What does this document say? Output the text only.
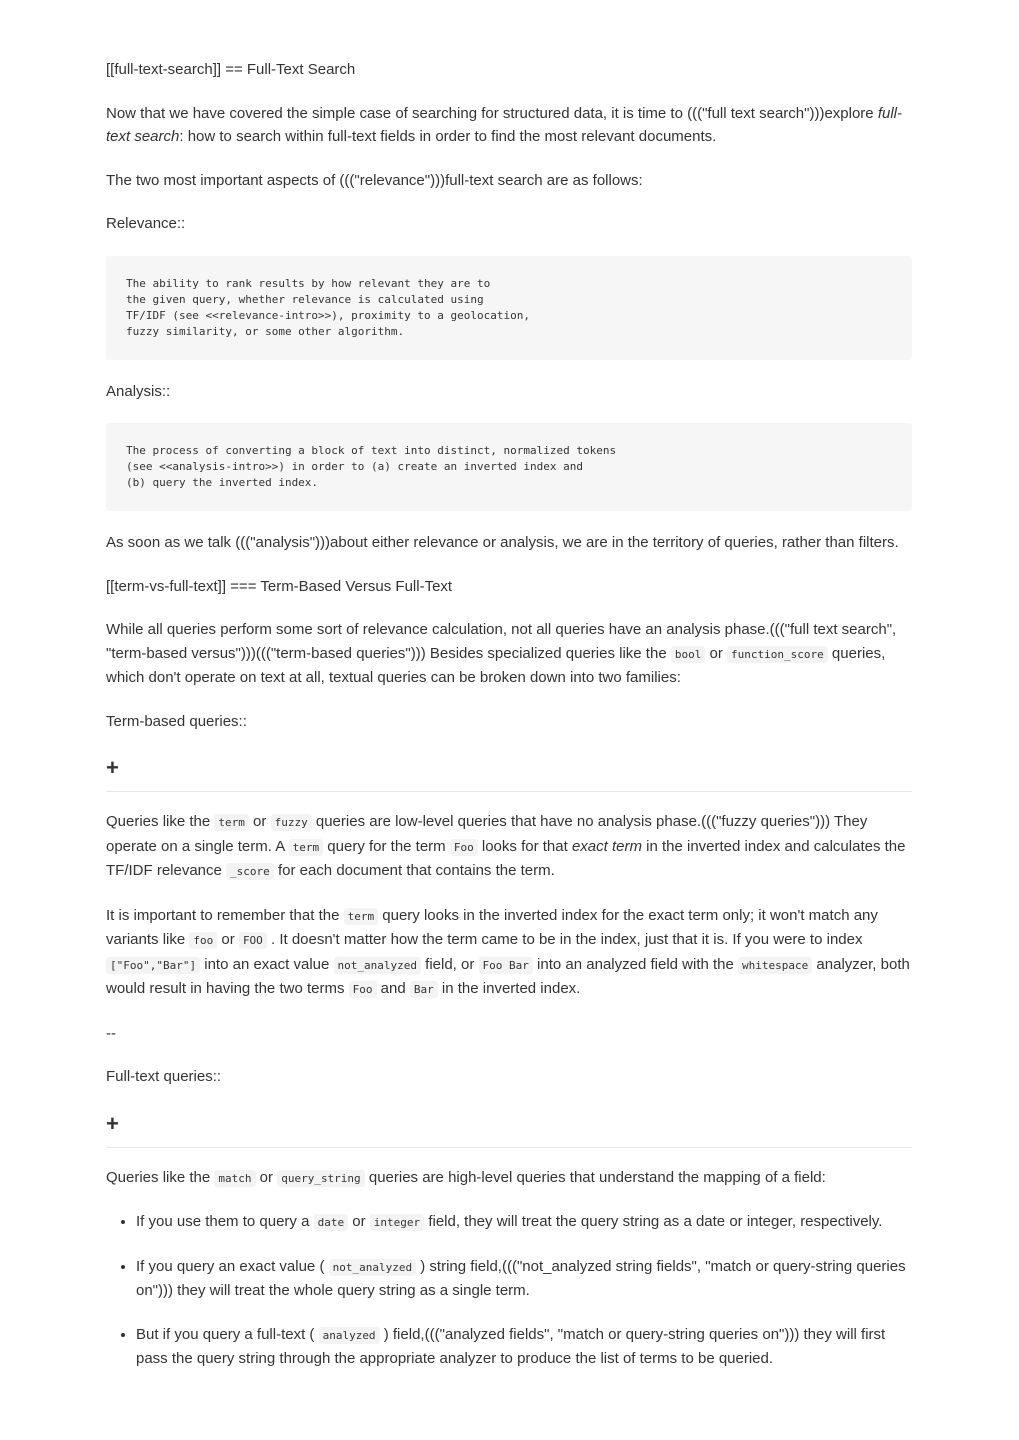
[[full-text-search]] == Full-Text Search

Now that we have covered the simple case of searching for structured data, it is time to ((("full text search")))explore full-text search: how to search within full-text fields in order to find the most relevant documents.

The two most important aspects of ((("relevance")))full-text search are as follows:

Relevance::

The ability to rank results by how relevant they are to
the given query, whether relevance is calculated using
TF/IDF (see <<relevance-intro>>), proximity to a geolocation,
fuzzy similarity, or some other algorithm.

Analysis::

The process of converting a block of text into distinct, normalized tokens
(see <<analysis-intro>>) in order to (a) create an inverted index and
(b) query the inverted index.

As soon as we talk ((("analysis")))about either relevance or analysis, we are in the territory of queries, rather than filters.

[[term-vs-full-text]] === Term-Based Versus Full-Text

While all queries perform some sort of relevance calculation, not all queries have an analysis phase.((("full text search", "term-based versus")))((("term-based queries"))) Besides specialized queries like the bool or function_score queries, which don't operate on text at all, textual queries can be broken down into two families:

Term-based queries::

+

Queries like the term or fuzzy queries are low-level queries that have no analysis phase.((("fuzzy queries"))) They operate on a single term. A term query for the term Foo looks for that exact term in the inverted index and calculates the TF/IDF relevance _score for each document that contains the term.

It is important to remember that the term query looks in the inverted index for the exact term only; it won't match any variants like foo or FOO . It doesn't matter how the term came to be in the index, just that it is. If you were to index ["Foo","Bar"] into an exact value not_analyzed field, or Foo Bar into an analyzed field with the whitespace analyzer, both would result in having the two terms Foo and Bar in the inverted index.

--

Full-text queries::

+

Queries like the match or query_string queries are high-level queries that understand the mapping of a field:

• If you use them to query a date or integer field, they will treat the query string as a date or integer, respectively.
• If you query an exact value ( not_analyzed ) string field,((("not_analyzed string fields", "match or query-string queries on"))) they will treat the whole query string as a single term.
• But if you query a full-text ( analyzed ) field,((("analyzed fields", "match or query-string queries on"))) they will first pass the query string through the appropriate analyzer to produce the list of terms to be queried.
